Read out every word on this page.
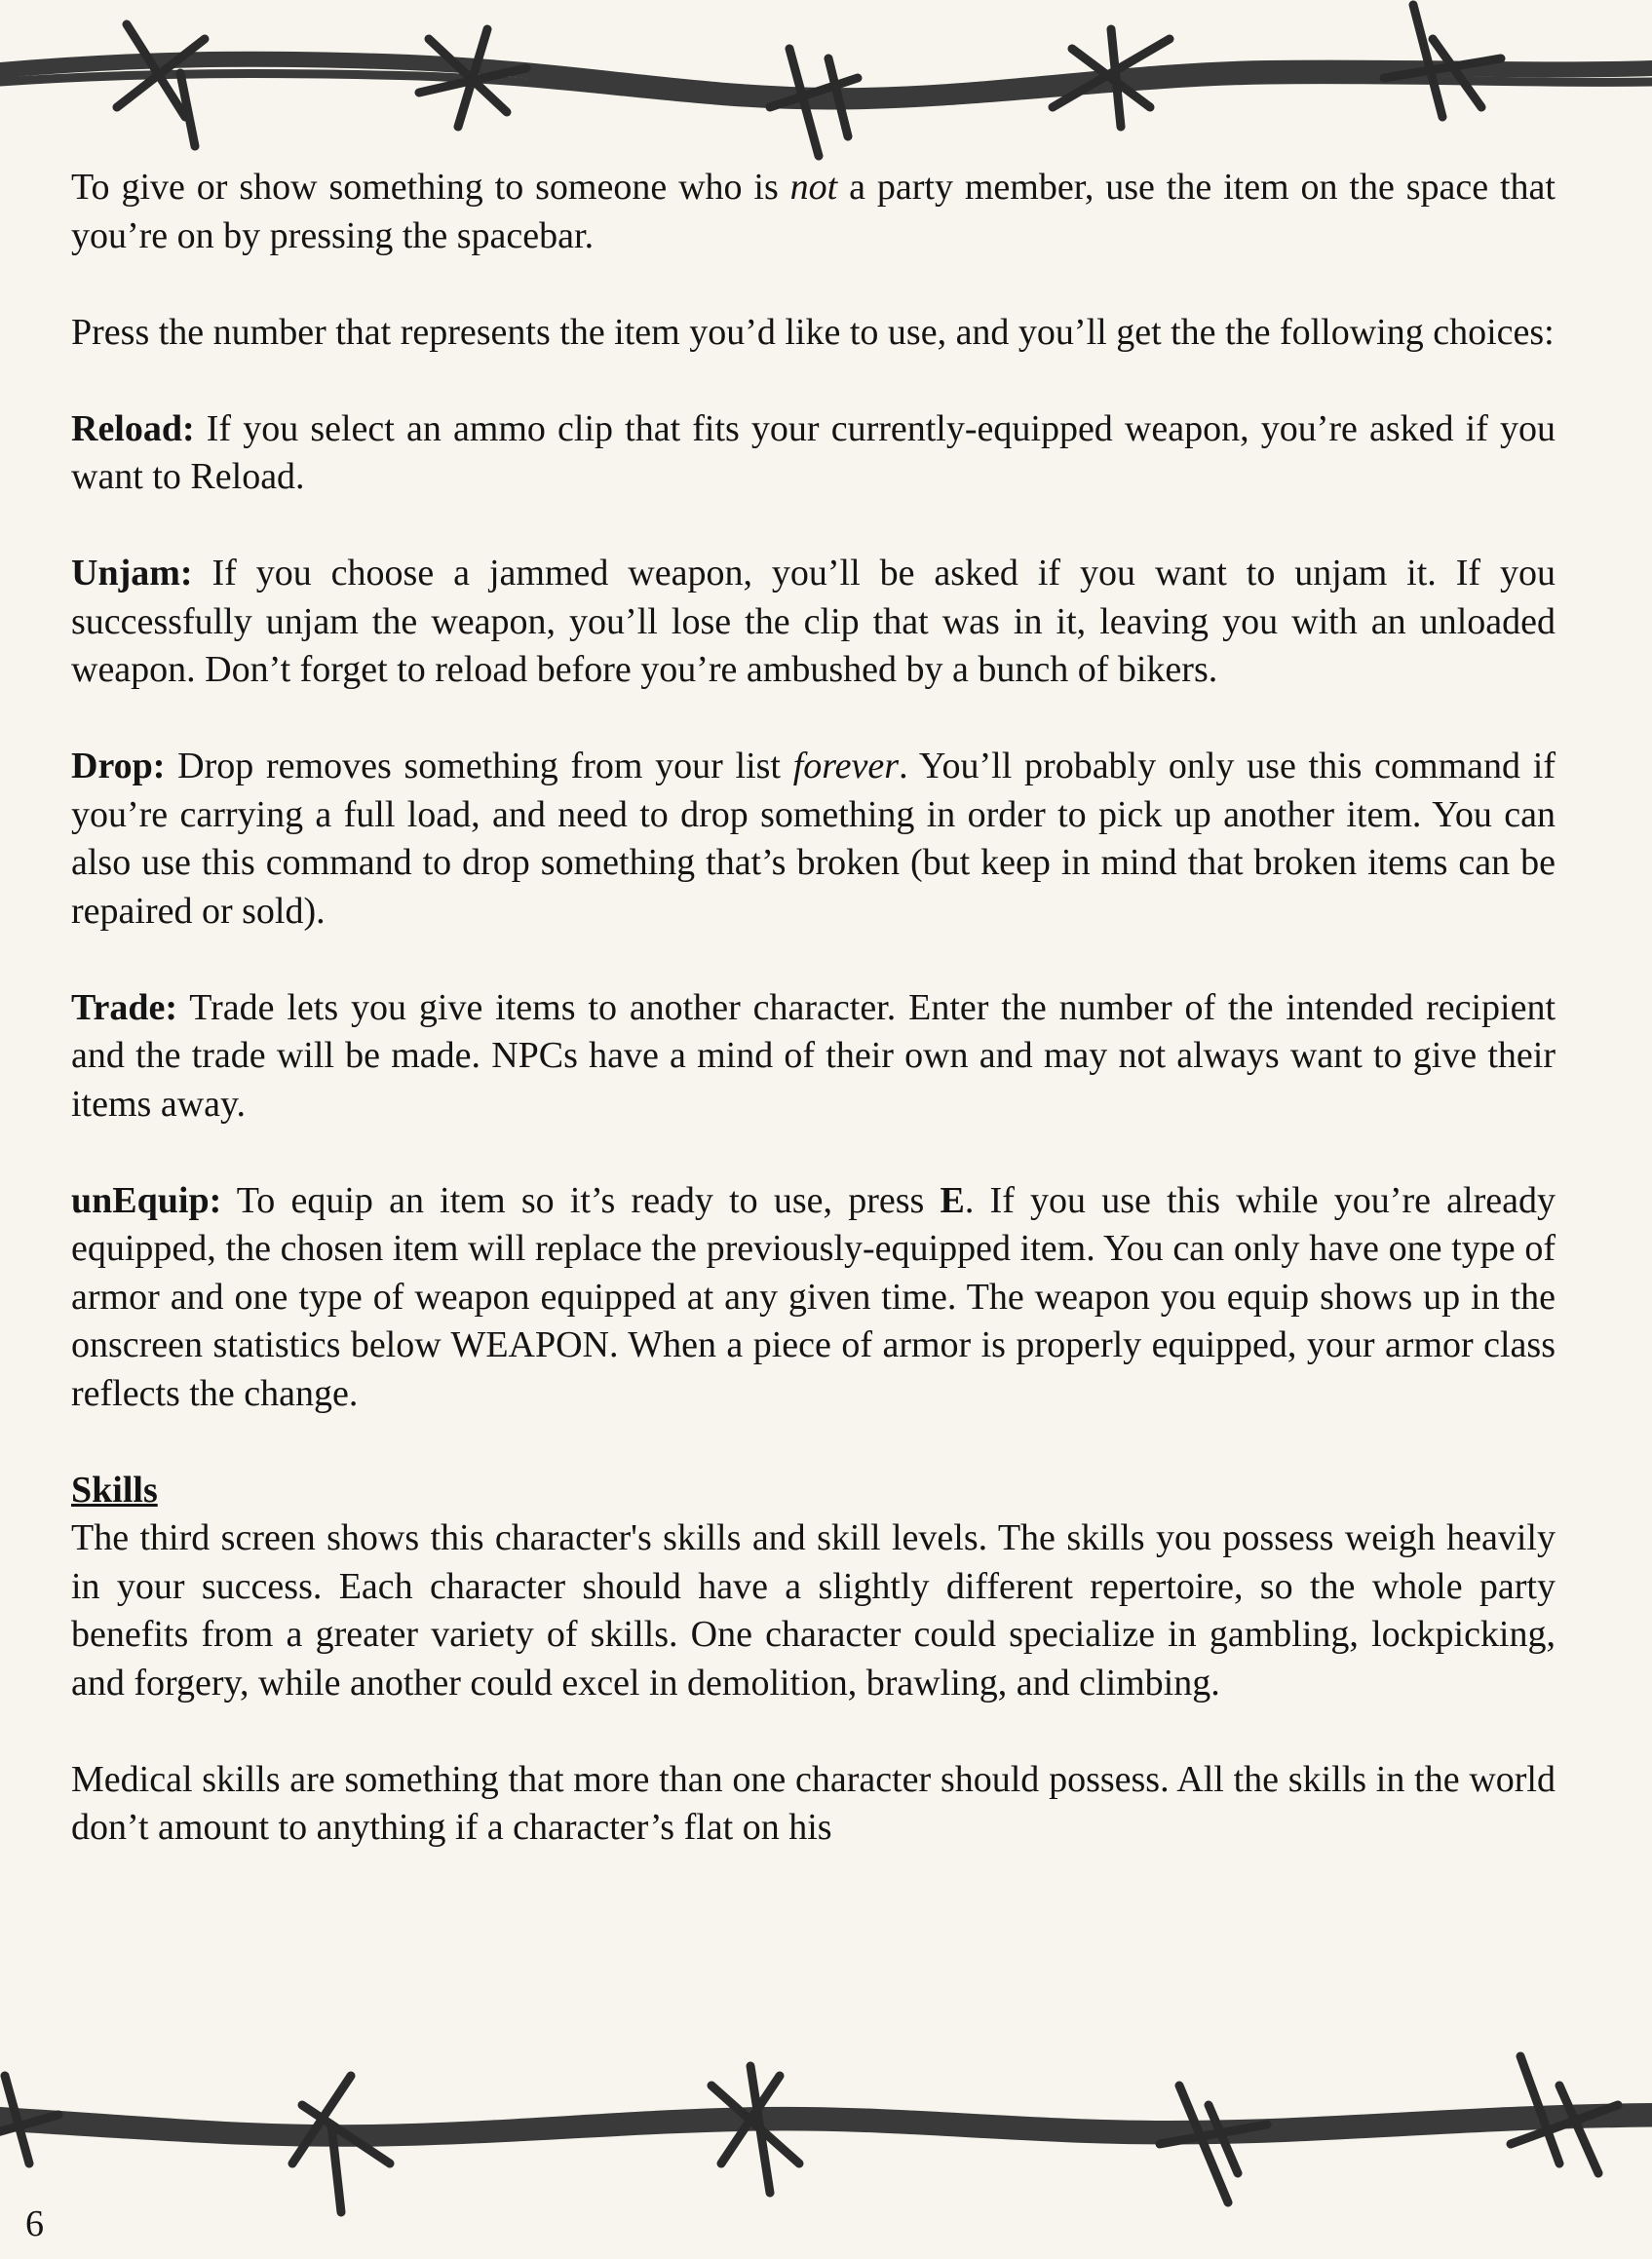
To give or show something to someone who is not a party member, use the item on the space that you’re on by pressing the spacebar.

Press the number that represents the item you’d like to use, and you’ll get the the following choices:

Reload: If you select an ammo clip that fits your currently-equipped weapon, you’re asked if you want to Reload.

Unjam: If you choose a jammed weapon, you’ll be asked if you want to unjam it. If you successfully unjam the weapon, you’ll lose the clip that was in it, leaving you with an unloaded weapon. Don’t forget to reload before you’re ambushed by a bunch of bikers.

Drop: Drop removes something from your list forever. You’ll probably only use this command if you’re carrying a full load, and need to drop something in order to pick up another item. You can also use this command to drop something that’s broken (but keep in mind that broken items can be repaired or sold).

Trade: Trade lets you give items to another character. Enter the number of the intended recipient and the trade will be made. NPCs have a mind of their own and may not always want to give their items away.

unEquip: To equip an item so it’s ready to use, press E. If you use this while you’re already equipped, the chosen item will replace the previously-equipped item. You can only have one type of armor and one type of weapon equipped at any given time. The weapon you equip shows up in the onscreen statistics below WEAPON. When a piece of armor is properly equipped, your armor class reflects the change.

Skills

The third screen shows this character's skills and skill levels. The skills you possess weigh heavily in your success. Each character should have a slightly different repertoire, so the whole party benefits from a greater variety of skills. One character could specialize in gambling, lockpicking, and forgery, while another could excel in demolition, brawling, and climbing.

Medical skills are something that more than one character should possess. All the skills in the world don’t amount to anything if a character’s flat on his

6
